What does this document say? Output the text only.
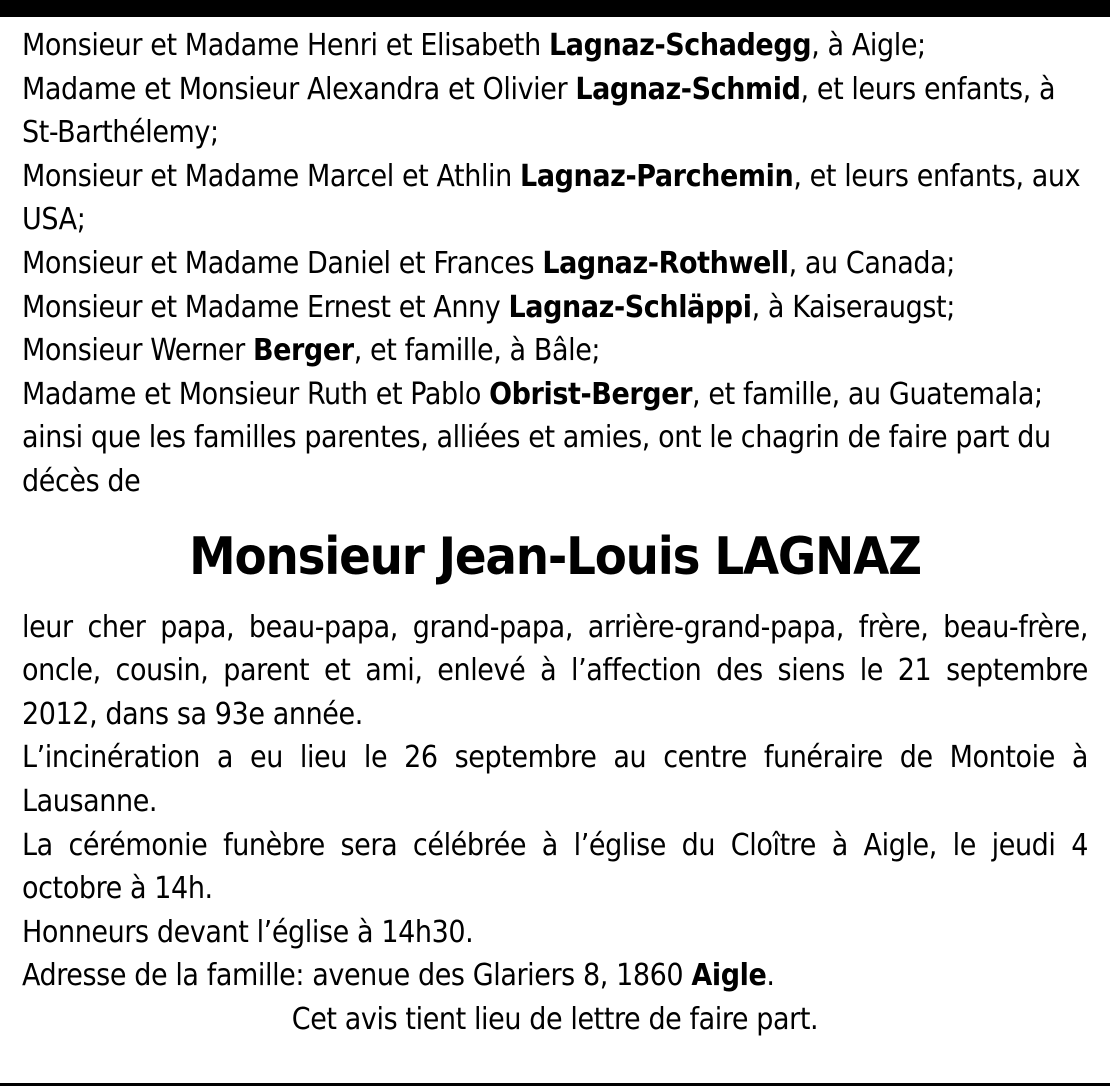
Monsieur et Madame Henri et Elisabeth Lagnaz-Schadegg, à Aigle;

Madame et Monsieur Alexandra et Olivier Lagnaz-Schmid, et leurs enfants, à St-Barthélemy;

Monsieur et Madame Marcel et Athlin Lagnaz-Parchemin, et leurs enfants, aux USA;

Monsieur et Madame Daniel et Frances Lagnaz-Rothwell, au Canada;

Monsieur et Madame Ernest et Anny Lagnaz-Schläppi, à Kaiseraugst;

Monsieur Werner Berger, et famille, à Bâle;

Madame et Monsieur Ruth et Pablo Obrist-Berger, et famille, au Guatemala;

ainsi que les familles parentes, alliées et amies, ont le chagrin de faire part du décès de

Monsieur Jean-Louis LAGNAZ

leur cher papa, beau-papa, grand-papa, arrière-grand-papa, frère, beau-frère, oncle, cousin, parent et ami, enlevé à l’affection des siens le 21 septembre 2012, dans sa 93e année.

L’incinération a eu lieu le 26 septembre au centre funéraire de Montoie à Lausanne.

La cérémonie funèbre sera célébrée à l’église du Cloître à Aigle, le jeudi 4 octobre à 14h.

Honneurs devant l’église à 14h30.

Adresse de la famille: avenue des Glariers 8, 1860 Aigle.

Cet avis tient lieu de lettre de faire part.
